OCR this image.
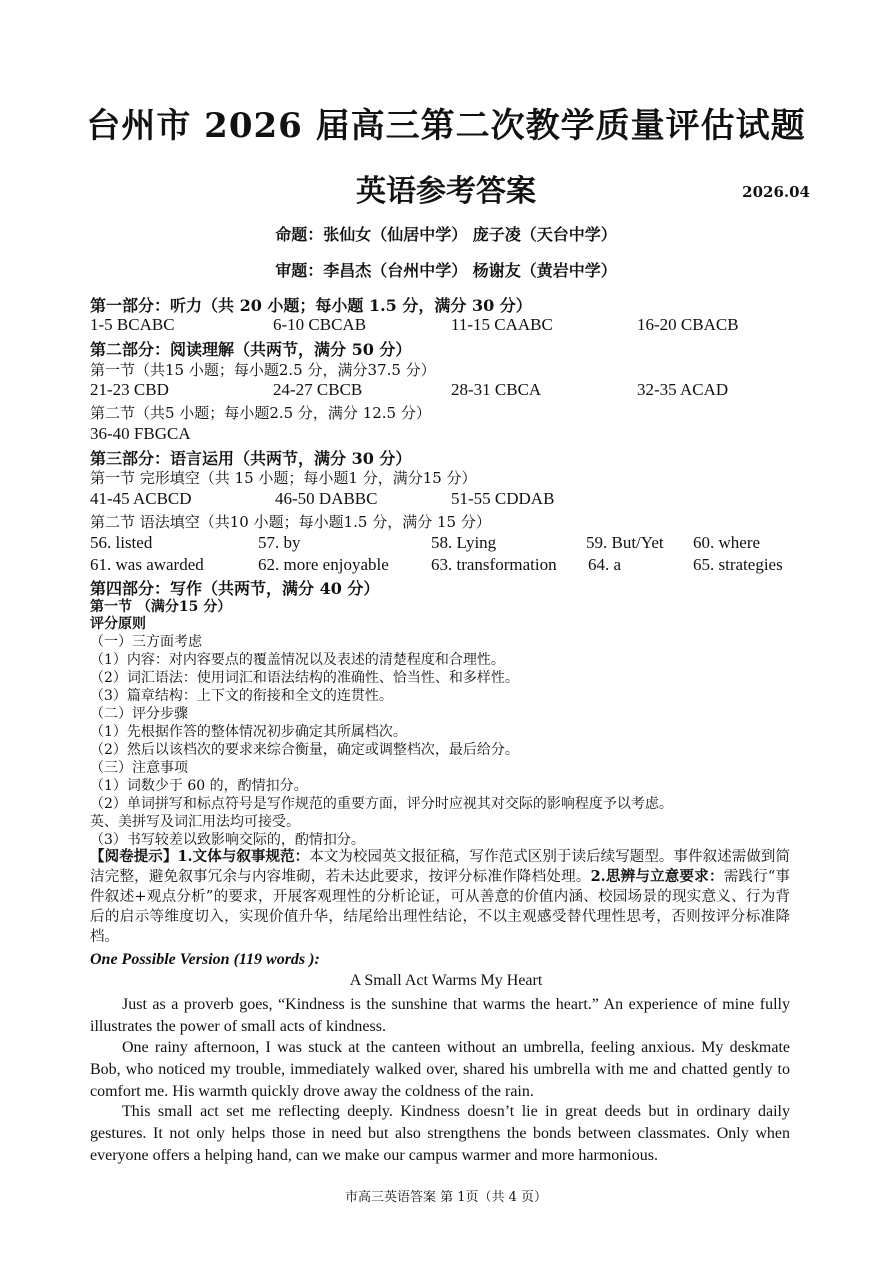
台州市 2026 届高三第二次教学质量评估试题
英语参考答案	2026.04
命题：张仙女（仙居中学） 庞子凌（天台中学）
审题：李昌杰（台州中学） 杨谢友（黄岩中学）
第一部分：听力（共 20 小题；每小题 1.5 分，满分 30 分）
1-5 BCABC	6-10 CBCAB	11-15 CAABC	16-20 CBACB
第二部分：阅读理解（共两节，满分 50 分）
第一节（共15 小题；每小题2.5 分，满分37.5 分）
21-23 CBD	24-27 CBCB	28-31 CBCA	32-35 ACAD
第二节（共5 小题；每小题2.5 分，满分 12.5 分）
36-40 FBGCA
第三部分：语言运用（共两节，满分 30 分）
第一节 完形填空（共 15 小题；每小题1 分，满分15 分）
41-45 ACBCD	46-50 DABBC	51-55 CDDAB
第二节 语法填空（共10 小题；每小题1.5 分，满分 15 分）
56. listed	57. by	58. Lying	59. But/Yet 60. where
61. was awarded	62. more enjoyable 63. transformation 64. a	65. strategies
第四部分：写作（共两节，满分 40 分）
第一节 （满分15 分）
评分原则
（一）三方面考虑
（1）内容：对内容要点的覆盖情况以及表述的清楚程度和合理性。
（2）词汇语法：使用词汇和语法结构的准确性、恰当性、和多样性。
（3）篇章结构：上下文的衔接和全文的连贯性。
（二）评分步骤
（1）先根据作答的整体情况初步确定其所属档次。
（2）然后以该档次的要求来综合衡量，确定或调整档次，最后给分。
（三）注意事项
（1）词数少于 60 的，酌情扣分。
（2）单词拼写和标点符号是写作规范的重要方面，评分时应视其对交际的影响程度予以考虑。
英、美拼写及词汇用法均可接受。
（3）书写较差以致影响交际的，酌情扣分。
【阅卷提示】1.文体与叙事规范：本文为校园英文报征稿，写作范式区别于读后续写题型。事件叙述需做到简洁完整，避免叙事冗余与内容堆砌，若未达此要求，按评分标准作降档处理。2.思辨与立意要求：需践行“事件叙述+观点分析”的要求，开展客观理性的分析论证，可从善意的价值内涵、校园场景的现实意义、行为背后的启示等维度切入，实现价值升华，结尾给出理性结论，不以主观感受替代理性思考，否则按评分标准降档。
One Possible Version (119 words ):
A Small Act Warms My Heart
Just as a proverb goes, “Kindness is the sunshine that warms the heart.” An experience of mine fully illustrates the power of small acts of kindness.
One rainy afternoon, I was stuck at the canteen without an umbrella, feeling anxious. My deskmate Bob, who noticed my trouble, immediately walked over, shared his umbrella with me and chatted gently to comfort me. His warmth quickly drove away the coldness of the rain.
This small act set me reflecting deeply. Kindness doesn’t lie in great deeds but in ordinary daily gestures. It not only helps those in need but also strengthens the bonds between classmates. Only when everyone offers a helping hand, can we make our campus warmer and more harmonious.
市高三英语答案 第 1页（共 4 页）
